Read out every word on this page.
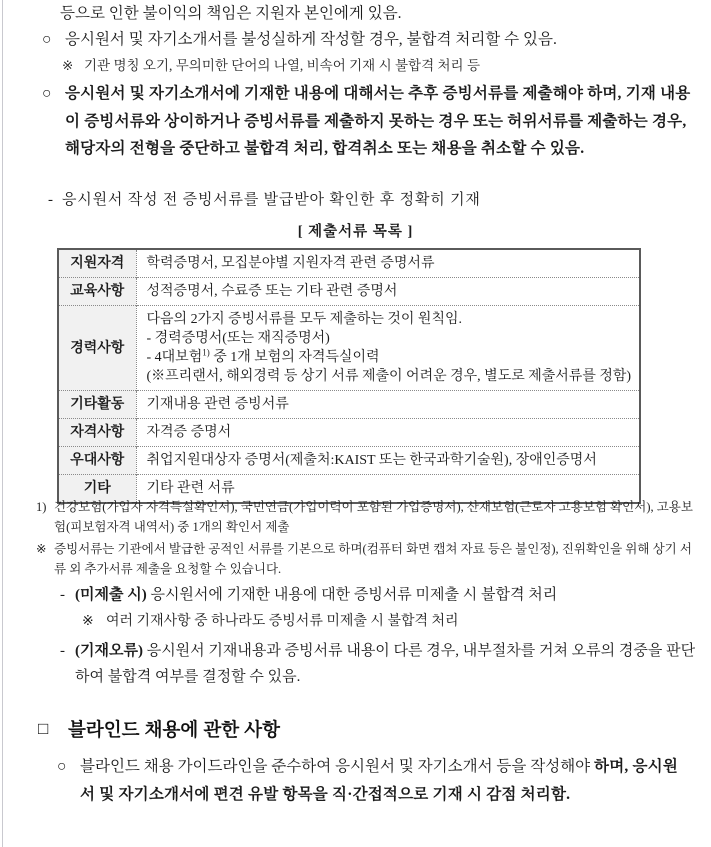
등으로 인한 불이익의 책임은 지원자 본인에게 있음.
○ 응시원서 및 자기소개서를 불성실하게 작성할 경우, 불합격 처리할 수 있음.
※ 기관 명칭 오기, 무의미한 단어의 나열, 비속어 기재 시 불합격 처리 등
○ 응시원서 및 자기소개서에 기재한 내용에 대해서는 추후 증빙서류를 제출해야 하며, 기재 내용이 증빙서류와 상이하거나 증빙서류를 제출하지 못하는 경우 또는 허위서류를 제출하는 경우, 해당자의 전형을 중단하고 불합격 처리, 합격취소 또는 채용을 취소할 수 있음.
- 응시원서 작성 전 증빙서류를 발급받아 확인한 후 정확히 기재
[ 제출서류 목록 ]
지원자격	학력증명서, 모집분야별 지원자격 관련 증명서류
교육사항	성적증명서, 수료증 또는 기타 관련 증명서
경력사항	다음의 2가지 증빙서류를 모두 제출하는 것이 원칙임.
- 경력증명서(또는 재직증명서)
- 4대보험$^{1)}$ 중 1개 보험의 자격득실이력
(※프리랜서, 해외경력 등 상기 서류 제출이 어려운 경우, 별도로 제출서류를 정함)

기타활동	기재내용 관련 증빙서류
자격사항	자격증 증명서
우대사항	취업지원대상자 증명서(제출처:KAIST 또는 한국과학기술원), 장애인증명서
기타	기타 관련 서류
1) 건강보험(가입자 자격득실확인서), 국민연금(가입이력이 포함된 가입증명서), 산재보험(근로자 고용보험 확인서), 고용보험(피보험자격 내역서) 중 1개의 확인서 제출
※ 증빙서류는 기관에서 발급한 공적인 서류를 기본으로 하며(컴퓨터 화면 캡쳐 자료 등은 불인정), 진위확인을 위해 상기 서류 외 추가서류 제출을 요청할 수 있습니다.
- (미제출 시) 응시원서에 기재한 내용에 대한 증빙서류 미제출 시 불합격 처리
※ 여러 기재사항 중 하나라도 증빙서류 미제출 시 불합격 처리
- (기재오류) 응시원서 기재내용과 증빙서류 내용이 다른 경우, 내부절차를 거쳐 오류의 경중을 판단하여 불합격 여부를 결정할 수 있음.
□	블라인드 채용에 관한 사항
○ 블라인드 채용 가이드라인을 준수하여 응시원서 및 자기소개서 등을 작성해야 하며, 응시원서 및 자기소개서에 편견 유발 항목을 직·간접적으로 기재 시 감점 처리함.
